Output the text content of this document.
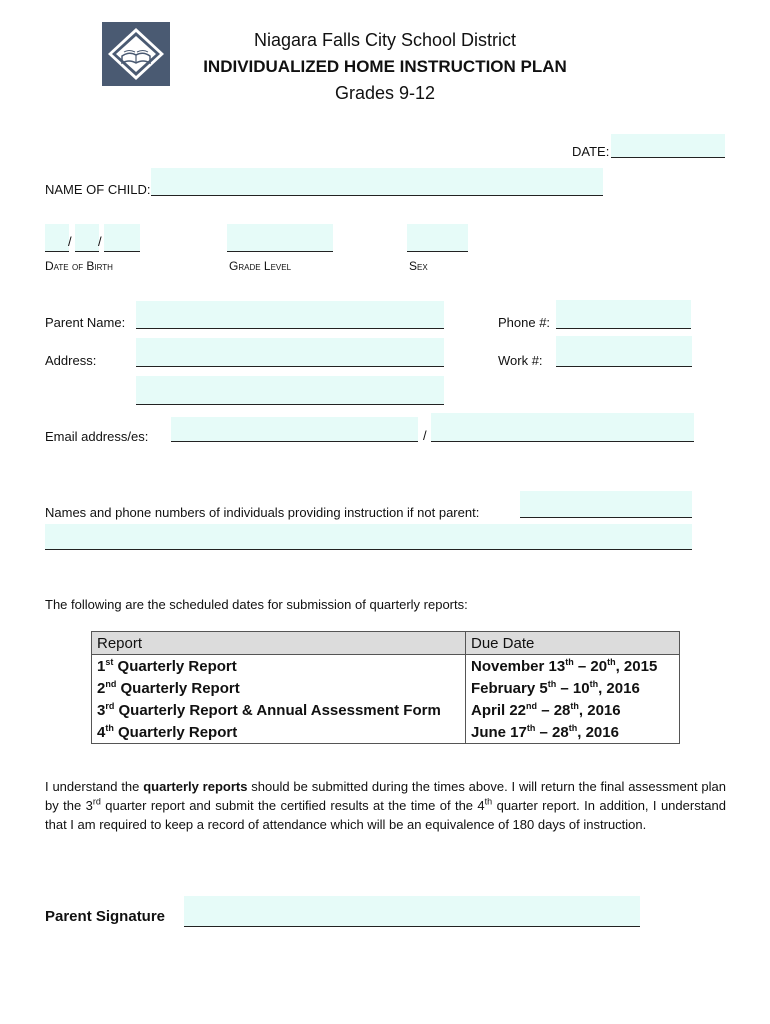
Niagara Falls City School District
INDIVIDUALIZED HOME INSTRUCTION PLAN
Grades 9-12
DATE:
NAME OF CHILD:
/ /
Date of Birth	Grade Level	Sex
Parent Name:	Phone #:
Address:	Work #:
Email address/es:	/
Names and phone numbers of individuals providing instruction if not parent:
The following are the scheduled dates for submission of quarterly reports:
Report	Due Date
1st Quarterly Report	November 13th – 20th, 2015
2nd Quarterly Report	February 5th – 10th, 2016
3rd Quarterly Report & Annual Assessment Form	April 22nd – 28th, 2016
4th Quarterly Report	June 17th – 28th, 2016
I understand the quarterly reports should be submitted during the times above. I will return the final assessment plan by the 3rd quarter report and submit the certified results at the time of the 4th quarter report. In addition, I understand that I am required to keep a record of attendance which will be an equivalence of 180 days of instruction.
Parent Signature
